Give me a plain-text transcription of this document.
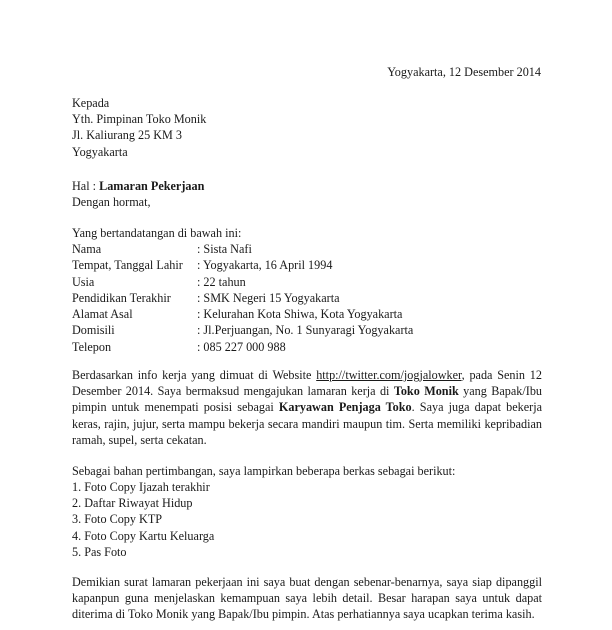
Yogyakarta, 12 Desember 2014
Kepada
Yth. Pimpinan Toko Monik
Jl. Kaliurang 25 KM 3
Yogyakarta
Hal : Lamaran Pekerjaan
Dengan hormat,
Yang bertandatangan di bawah ini:
Nama	: Sista Nafi
Tempat, Tanggal Lahir : Yogyakarta, 16 April 1994
Usia	: 22 tahun
Pendidikan Terakhir : SMK Negeri 15 Yogyakarta
Alamat Asal	: Kelurahan Kota Shiwa, Kota Yogyakarta
Domisili	: Jl.Perjuangan, No. 1 Sunyaragi Yogyakarta
Telepon	: 085 227 000 988
Berdasarkan info kerja yang dimuat di Website http://twitter.com/jogjalowker, pada Senin 12 Desember 2014. Saya bermaksud mengajukan lamaran kerja di Toko Monik yang Bapak/Ibu pimpin untuk menempati posisi sebagai Karyawan Penjaga Toko. Saya juga dapat bekerja keras, rajin, jujur, serta mampu bekerja secara mandiri maupun tim. Serta memiliki kepribadian ramah, supel, serta cekatan.
Sebagai bahan pertimbangan, saya lampirkan beberapa berkas sebagai berikut:
1. Foto Copy Ijazah terakhir
2. Daftar Riwayat Hidup
3. Foto Copy KTP
4. Foto Copy Kartu Keluarga
5. Pas Foto
Demikian surat lamaran pekerjaan ini saya buat dengan sebenar-benarnya, saya siap dipanggil kapanpun guna menjelaskan kemampuan saya lebih detail. Besar harapan saya untuk dapat diterima di Toko Monik yang Bapak/Ibu pimpin. Atas perhatiannya saya ucapkan terima kasih.
